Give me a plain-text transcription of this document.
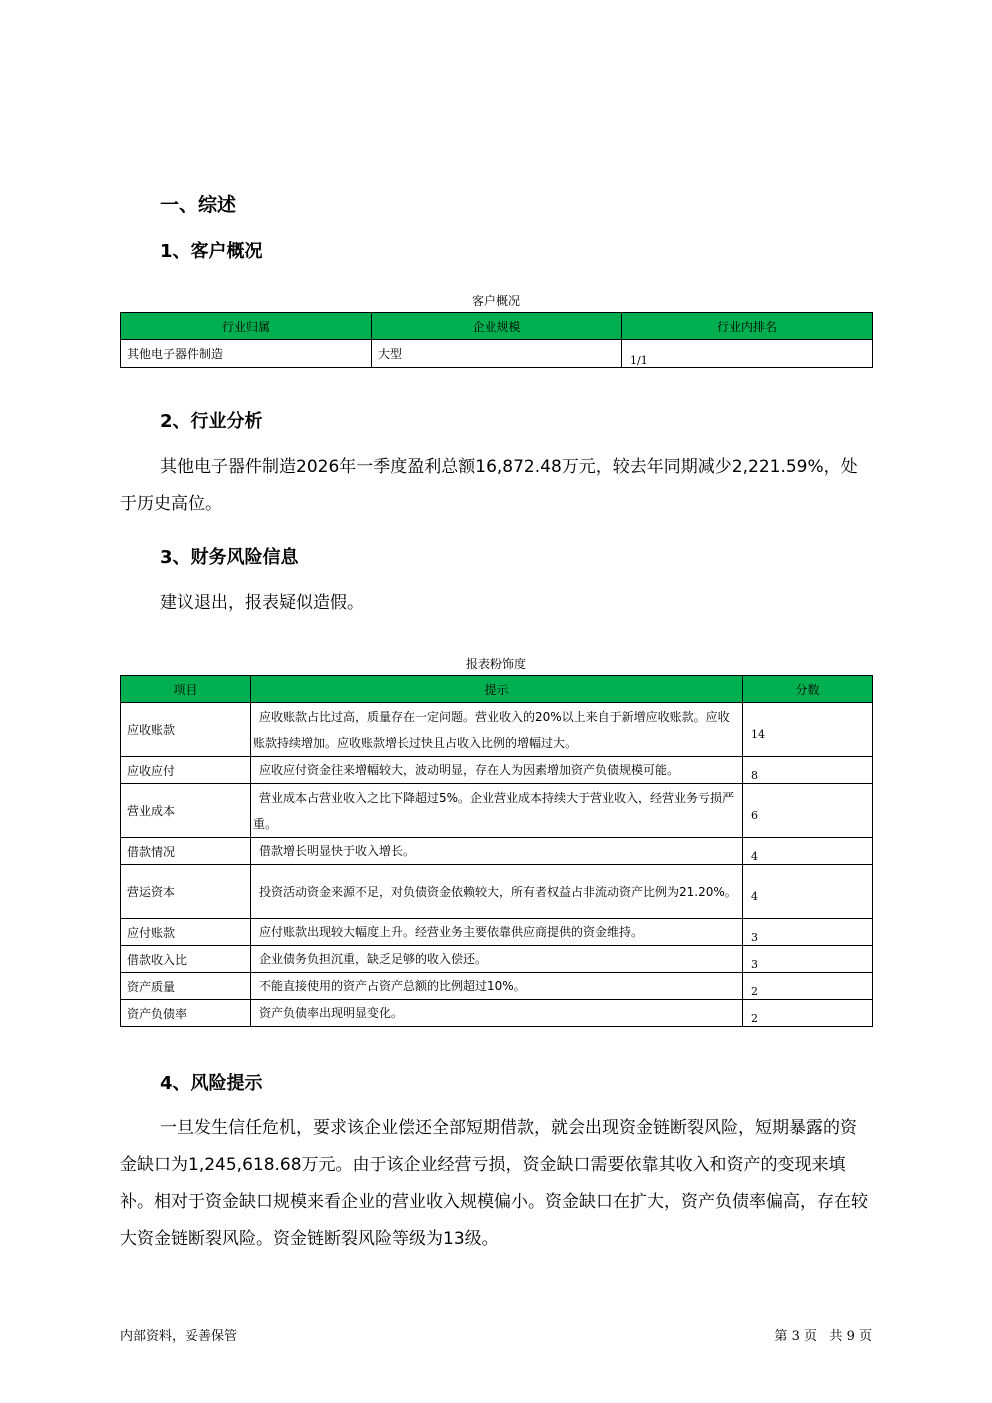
一、综述
1、客户概况
客户概况
行业归属	企业规模	行业内排名
其他电子器件制造	大型	1/1
2、行业分析

其他电子器件制造2026年一季度盈利总额16,872.48万元，较去年同期减少2,221.59%，处于历史高位。

3、财务风险信息

建议退出，报表疑似造假。

报表粉饰度
项目	提示	分数
应收账款	应收账款占比过高，质量存在一定问题。营业收入的20%以上来自于新增应收账款。应收账款持续增加。应收账款增长过快且占收入比例的增幅过大。	14
应收应付	应收应付资金往来增幅较大，波动明显，存在人为因素增加资产负债规模可能。	8
营业成本	营业成本占营业收入之比下降超过5%。企业营业成本持续大于营业收入，经营业务亏损严重。	6
借款情况	借款增长明显快于收入增长。	4
营运资本	投资活动资金来源不足，对负债资金依赖较大，所有者权益占非流动资产比例为21.20%。	4
应付账款	应付账款出现较大幅度上升。经营业务主要依靠供应商提供的资金维持。	3
借款收入比	企业债务负担沉重，缺乏足够的收入偿还。	3
资产质量	不能直接使用的资产占资产总额的比例超过10%。	2
资产负债率	资产负债率出现明显变化。	2
4、风险提示

一旦发生信任危机，要求该企业偿还全部短期借款，就会出现资金链断裂风险，短期暴露的资金缺口为1,245,618.68万元。由于该企业经营亏损，资金缺口需要依靠其收入和资产的变现来填补。相对于资金缺口规模来看企业的营业收入规模偏小。资金缺口在扩大，资产负债率偏高，存在较大资金链断裂风险。资金链断裂风险等级为13级。

内部资料，妥善保管	第 3 页 共 9 页
